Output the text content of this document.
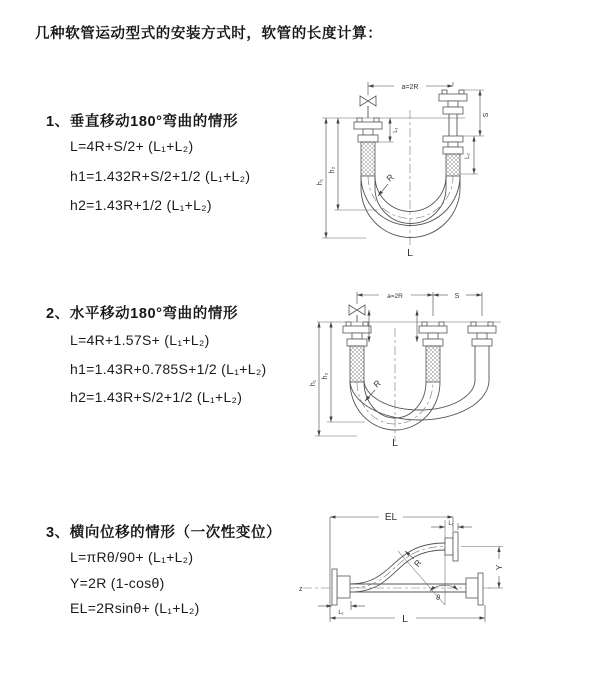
几种软管运动型式的安装方式时，软管的长度计算：
1、垂直移动180°弯曲的情形
L=4R+S/2+ (L₁+L₂)
h1=1.432R+S/2+1/2 (L₁+L₂)
h2=1.43R+1/2 (L₁+L₂)
2、水平移动180°弯曲的情形
L=4R+1.57S+ (L₁+L₂)
h1=1.43R+0.785S+1/2 (L₁+L₂)
h2=1.43R+S/2+1/2 (L₁+L₂)
3、横向位移的情形（一次性变位）
L=πRθ/90+ (L₁+L₂)
Y=2R (1-cosθ)
EL=2Rsinθ+ (L₁+L₂)
a=2R
h₁
h₂
L₁
S
L₂
R
L
a=2R	S
h₁
h₂
R
L
z
θ
EL
L₁
L₁
Y
L
R
